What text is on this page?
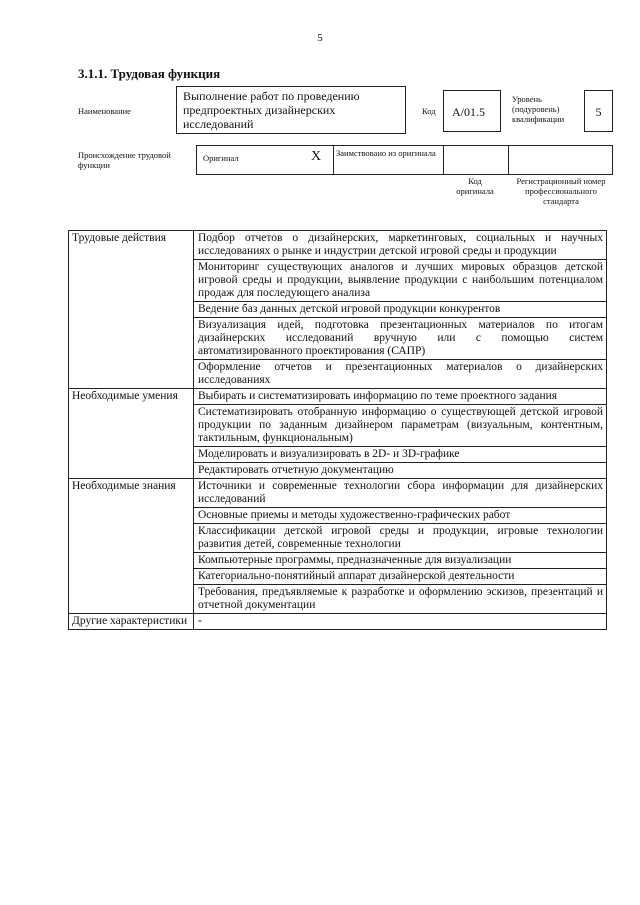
5
3.1.1. Трудовая функция
Наименование
Выполнение работ по проведению предпроектных дизайнерских исследований
Код	A/01.5
Уровень (подуровень) квалификации	5
Происхождение трудовой функции
Оригинал	X Заимствовано из оригинала
Код оригинала
Регистрационный номер профессионального стандарта
Трудовые действия	Подбор отчетов о дизайнерских, маркетинговых, социальных и научных исследованиях о рынке и индустрии детской игровой среды и продукции
	Мониторинг существующих аналогов и лучших мировых образцов детской игровой среды и продукции, выявление продукции с наибольшим потенциалом продаж для последующего анализа
	Ведение баз данных детской игровой продукции конкурентов
	Визуализация идей, подготовка презентационных материалов по итогам дизайнерских исследований вручную или с помощью систем автоматизированного проектирования (САПР)
	Оформление отчетов и презентационных материалов о дизайнерских исследованиях
Необходимые умения	Выбирать и систематизировать информацию по теме проектного задания
	Систематизировать отобранную информацию о существующей детской игровой продукции по заданным дизайнером параметрам (визуальным, контентным, тактильным, функциональным)
	Моделировать и визуализировать в 2D- и 3D-графике
	Редактировать отчетную документацию
Необходимые знания	Источники и современные технологии сбора информации для дизайнерских исследований
	Основные приемы и методы художественно-графических работ
	Классификации детской игровой среды и продукции, игровые технологии развития детей, современные технологии
	Компьютерные программы, предназначенные для визуализации
	Категориально-понятийный аппарат дизайнерской деятельности
	Требования, предъявляемые к разработке и оформлению эскизов, презентаций и отчетной документации
Другие характеристики	-
